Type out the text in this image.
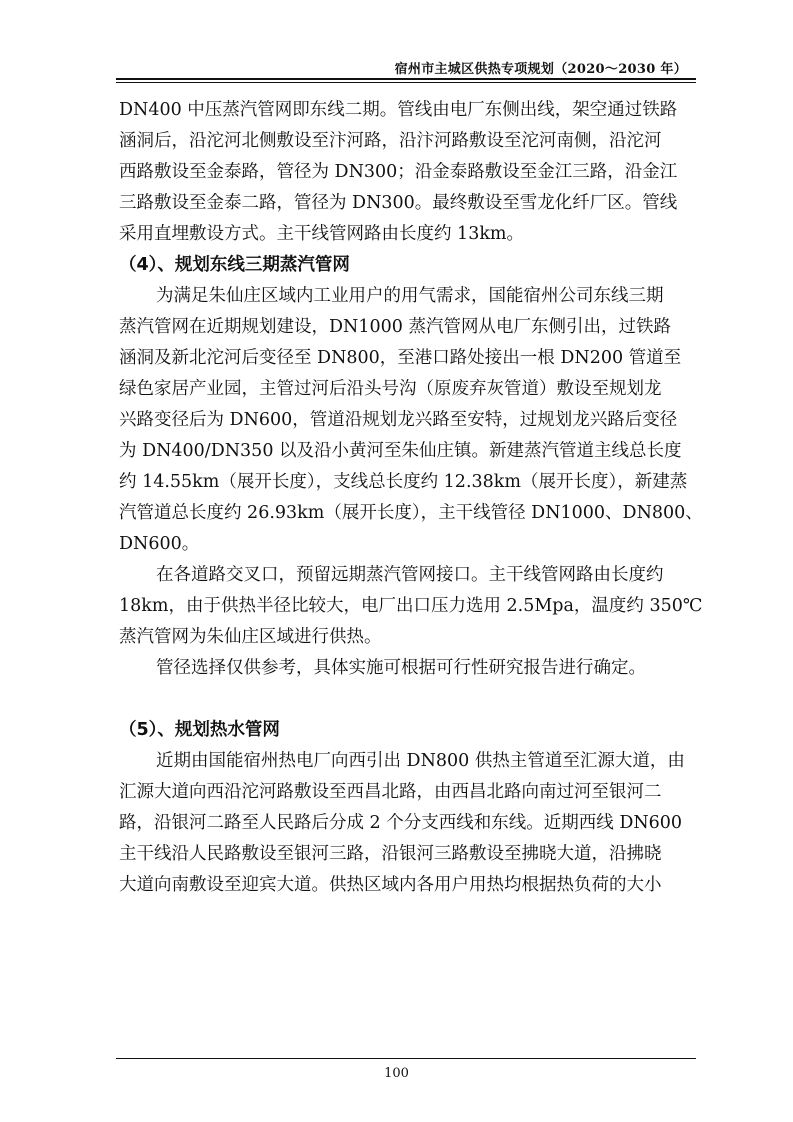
宿州市主城区供热专项规划（2020～2030 年）
DN400 中压蒸汽管网即东线二期。管线由电厂东侧出线，架空通过铁路
涵洞后，沿沱河北侧敷设至汴河路，沿汴河路敷设至沱河南侧，沿沱河
西路敷设至金泰路，管径为 DN300；沿金泰路敷设至金江三路，沿金江
三路敷设至金泰二路，管径为 DN300。最终敷设至雪龙化纤厂区。管线
采用直埋敷设方式。主干线管网路由长度约 13km。
（4）、规划东线三期蒸汽管网
为满足朱仙庄区域内工业用户的用气需求，国能宿州公司东线三期
蒸汽管网在近期规划建设，DN1000 蒸汽管网从电厂东侧引出，过铁路
涵洞及新北沱河后变径至 DN800，至港口路处接出一根 DN200 管道至
绿色家居产业园，主管过河后沿头号沟（原废弃灰管道）敷设至规划龙
兴路变径后为 DN600，管道沿规划龙兴路至安特，过规划龙兴路后变径
为 DN400/DN350 以及沿小黄河至朱仙庄镇。新建蒸汽管道主线总长度
约 14.55km（展开长度），支线总长度约 12.38km（展开长度），新建蒸
汽管道总长度约 26.93km（展开长度），主干线管径 DN1000、DN800、
DN600。
在各道路交叉口，预留远期蒸汽管网接口。主干线管网路由长度约
18km，由于供热半径比较大，电厂出口压力选用 2.5Mpa，温度约 350℃
蒸汽管网为朱仙庄区域进行供热。
管径选择仅供参考，具体实施可根据可行性研究报告进行确定。
（5）、规划热水管网
近期由国能宿州热电厂向西引出 DN800 供热主管道至汇源大道，由
汇源大道向西沿沱河路敷设至西昌北路，由西昌北路向南过河至银河二
路，沿银河二路至人民路后分成 2 个分支西线和东线。近期西线 DN600
主干线沿人民路敷设至银河三路，沿银河三路敷设至拂晓大道，沿拂晓
大道向南敷设至迎宾大道。供热区域内各用户用热均根据热负荷的大小
100
